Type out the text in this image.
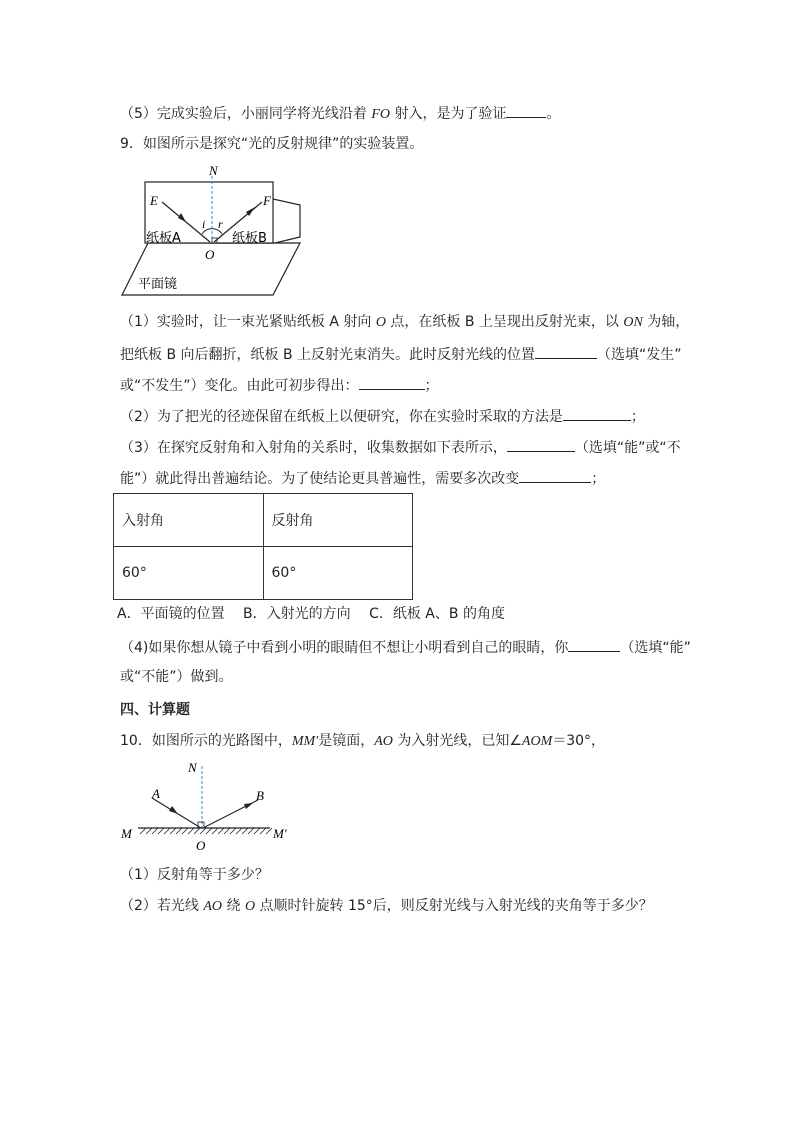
（5）完成实验后，小丽同学将光线沿着 FO 射入，是为了验证	。
9．如图所示是探究“光的反射规律”的实验装置。
N
E	F
i r
O
纸板A	纸板B
平面镜
（1）实验时，让一束光紧贴纸板 A 射向 O 点，在纸板 B 上呈现出反射光束，以 ON 为轴，
把纸板 B 向后翻折，纸板 B 上反射光束消失。此时反射光线的位置	（选填“发生”
或“不发生”）变化。由此可初步得出：	；
（2）为了把光的径迹保留在纸板上以便研究，你在实验时采取的方法是	；
（3）在探究反射角和入射角的关系时，收集数据如下表所示，	（选填“能”或“不
能”）就此得出普遍结论。为了使结论更具普遍性，需要多次改变	；
入射角	反射角
60°	60°
A．平面镜的位置　 B．入射光的方向　 C．纸板 A、B 的角度
（4)如果你想从镜子中看到小明的眼睛但不想让小明看到自己的眼睛，你	（选填“能”
或“不能”）做到。
四、计算题
10．如图所示的光路图中，MM′是镜面，AO 为入射光线，已知∠AOM＝30°，
N
A	B
M
O
M′
（1）反射角等于多少？
（2）若光线 AO 绕 O 点顺时针旋转 15°后，则反射光线与入射光线的夹角等于多少？
